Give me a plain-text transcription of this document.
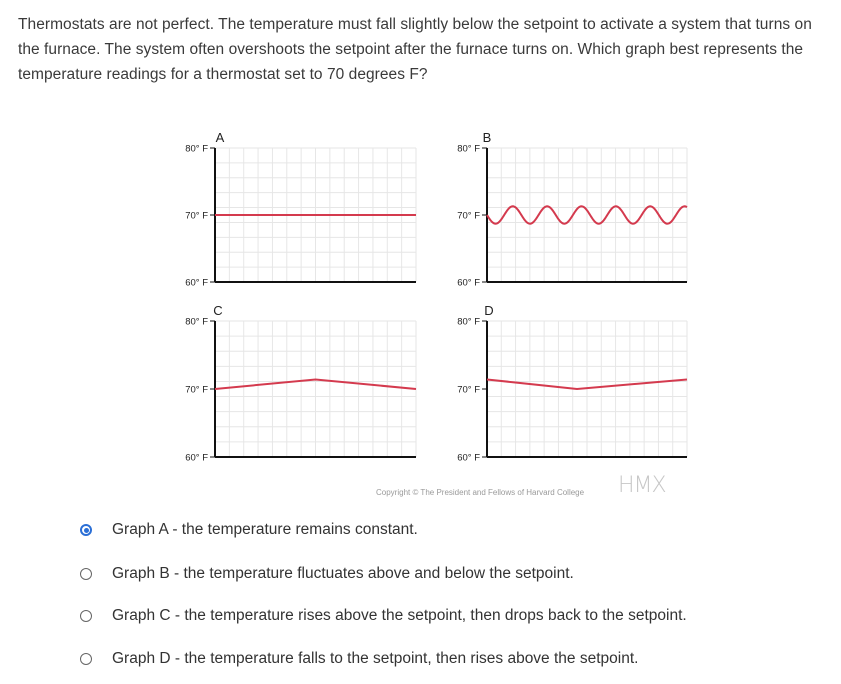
Thermostats are not perfect. The temperature must fall slightly below the setpoint to activate a system that turns on the furnace. The system often overshoots the setpoint after the furnace turns on. Which graph best represents the temperature readings for a thermostat set to 70 degrees F?
80° F
70° F
60° F
A
80° F
70° F
60° F
B
80° F
70° F
60° F
C
80° F
70° F
60° F
D
Copyright © The President and Fellows of Harvard College HMX
Graph A - the temperature remains constant.
Graph B - the temperature fluctuates above and below the setpoint.
Graph C - the temperature rises above the setpoint, then drops back to the setpoint.
Graph D - the temperature falls to the setpoint, then rises above the setpoint.
